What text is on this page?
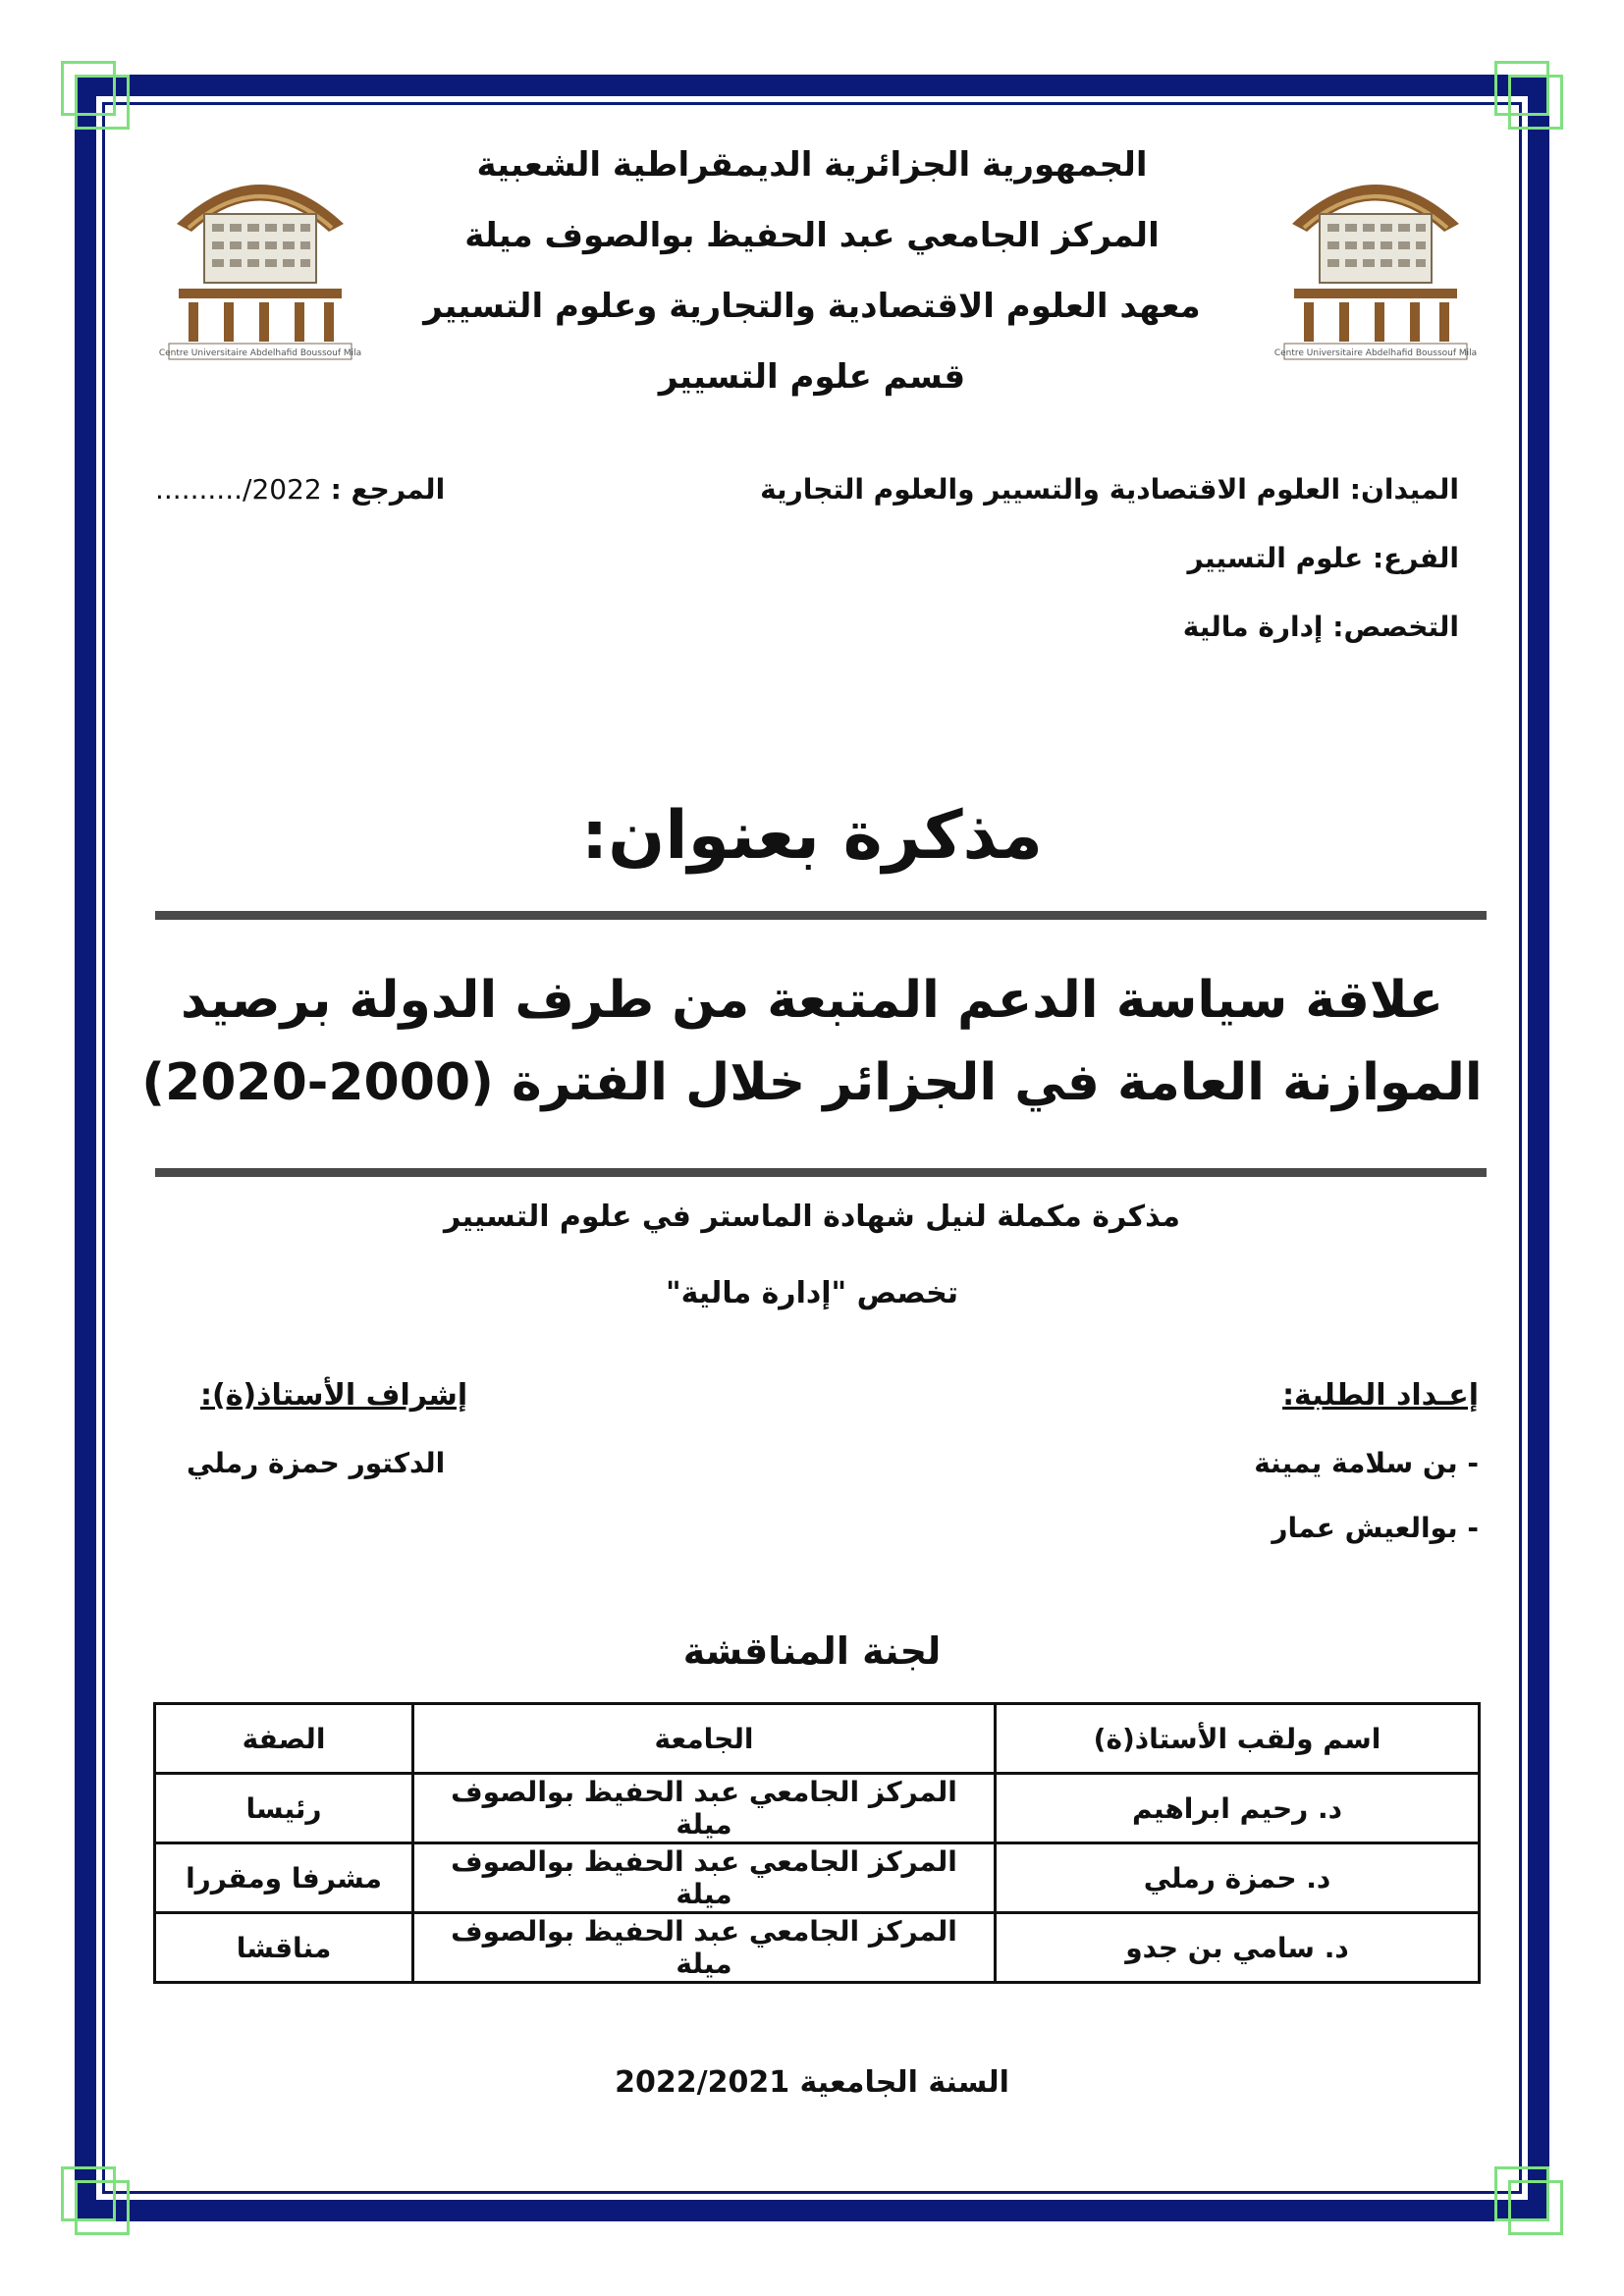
Centre Universitaire Abdelhafid Boussouf Mila	Centre Universitaire Abdelhafid Boussouf Mila
الجمهورية الجزائرية الديمقراطية الشعبية
المركز الجامعي عبد الحفيظ بوالصوف ميلة
معهد العلوم الاقتصادية والتجارية وعلوم التسيير
قسم علوم التسيير
الميدان: العلوم الاقتصادية والتسيير والعلوم التجارية
الفرع: علوم التسيير
التخصص: إدارة مالية
المرجع : 2022/..........
مذكرة بعنوان:
علاقة سياسة الدعم المتبعة من طرف الدولة برصيد
الموازنة العامة في الجزائر خلال الفترة (2000-2020)
مذكرة مكملة لنيل شهادة الماستر في علوم التسيير
تخصص "إدارة مالية"
إعـداد الطلبة:
- بن سلامة يمينة
- بوالعيش عمار
إشراف الأستاذ(ة):
الدكتور حمزة رملي
لجنة المناقشة
اسم ولقب الأستاذ(ة)	الجامعة	الصفة
د. رحيم ابراهيم	المركز الجامعي عبد الحفيظ بوالصوف ميلة	رئيسا
د. حمزة رملي	المركز الجامعي عبد الحفيظ بوالصوف ميلة	مشرفا ومقررا
د. سامي بن جدو	المركز الجامعي عبد الحفيظ بوالصوف ميلة	مناقشا
السنة الجامعية 2022/2021
